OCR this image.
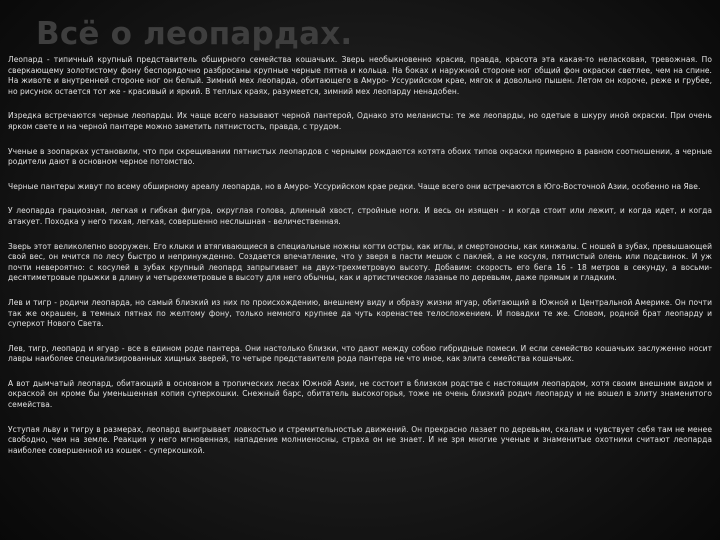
Всё о леопардах.

Леопард - типичный крупный представитель обширного семейства кошачьих. Зверь необыкновенно красив, правда, красота эта какая-то неласковая, тревожная. По сверкающему золотистому фону беспорядочно разбросаны крупные черные пятна и кольца. На боках и наружной стороне ног общий фон окраски светлее, чем на спине. На животе и внутренней стороне ног он белый. Зимний мех леопарда, обитающего в Амуро- Уссурийском крае, мягок и довольно пышен. Летом он короче, реже и грубее, но рисунок остается тот же - красивый и яркий. В теплых краях, разумеется, зимний мех леопарду ненадобен.

Изредка встречаются черные леопарды. Их чаще всего называют черной пантерой, Однако это меланисты: те же леопарды, но одетые в шкуру иной окраски. При очень ярком свете и на черной пантере можно заметить пятнистость, правда, с трудом.

Ученые в зоопарках установили, что при скрещивании пятнистых леопардов с черными рождаются котята обоих типов окраски примерно в равном соотношении, а черные родители дают в основном черное потомство.

Черные пантеры живут по всему обширному ареалу леопарда, но в Амуро- Уссурийском крае редки. Чаще всего они встречаются в Юго-Восточной Азии, особенно на Яве.

У леопарда грациозная, легкая и гибкая фигура, округлая голова, длинный хвост, стройные ноги. И весь он изящен - и когда стоит или лежит, и когда идет, и когда атакует. Походка у него тихая, легкая, совершенно неслышная - величественная.

Зверь этот великолепно вооружен. Его клыки и втягивающиеся в специальные ножны когти остры, как иглы, и смертоносны, как кинжалы. С ношей в зубах, превышающей свой вес, он мчится по лесу быстро и непринужденно. Создается впечатление, что у зверя в пасти мешок с паклей, а не косуля, пятнистый олень или подсвинок. И уж почти невероятно: с косулей в зубах крупный леопард запрыгивает на двух-трехметровую высоту. Добавим: скорость его бега 16 - 18 метров в секунду, а восьми-десятиметровые прыжки в длину и четырехметровые в высоту для него обычны, как и артистическое лазанье по деревьям, даже прямым и гладким.

Лев и тигр - родичи леопарда, но самый близкий из них по происхождению, внешнему виду и образу жизни ягуар, обитающий в Южной и Центральной Америке. Он почти так же окрашен, в темных пятнах по желтому фону, только немного крупнее да чуть коренастее телосложением. И повадки те же. Словом, родной брат леопарду и суперкот Нового Света.

Лев, тигр, леопард и ягуар - все в едином роде пантера. Они настолько близки, что дают между собою гибридные помеси. И если семейство кошачьих заслуженно носит лавры наиболее специализированных хищных зверей, то четыре представителя рода пантера не что иное, как элита семейства кошачьих.

А вот дымчатый леопард, обитающий в основном в тропических лесах Южной Азии, не состоит в близком родстве с настоящим леопардом, хотя своим внешним видом и окраской он кроме бы уменьшенная копия суперкошки. Снежный барс, обитатель высокогорья, тоже не очень близкий родич леопарду и не вошел в элиту знаменитого семейства.

Уступая льву и тигру в размерах, леопард выигрывает ловкостью и стремительностью движений. Он прекрасно лазает по деревьям, скалам и чувствует себя там не менее свободно, чем на земле. Реакция у него мгновенная, нападение молниеносны, страха он не знает. И не зря многие ученые и знаменитые охотники считают леопарда наиболее совершенной из кошек - суперкошкой.
